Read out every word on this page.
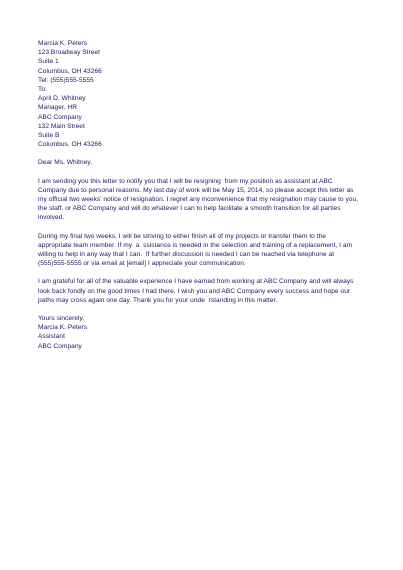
Marcia K. Peters
123 Broadway Street
Suite 1
Columbus, OH 43266
Tel: (555)555-5555
To:
April D. Whitney
Manager, HR
ABC Company
132 Main Street
Suite B
Columbus, OH 43266
Dear Ms. Whitney,
I am sending you this letter to notify you that I will be resigning  from my position as assistant at ABC
Company due to personal reasons. My last day of work will be May 15, 2014, so please accept this letter as
my official two weeks' notice of resignation. I regret any inconvenience that my resignation may cause to you,
the staff, or ABC Company and will do whatever I can to help facilitate a smooth transition for all parties
involved.
During my final two weeks, I will be striving to either finish all of my projects or transfer them to the
appropriate team member. If my  a  ssistance is needed in the selection and training of a replacement, I am
willing to help in any way that I can.  If further discussion is needed I can be reached via telephone at
(555)555-5555 or via email at [email] I appreciate your communication.
I am grateful for all of the valuable experience I have earned from working at ABC Company and will always
look back fondly on the good times I had there. I wish you and ABC Company every success and hope our
paths may cross again one day. Thank you for your unde  rstanding in this matter.
Yours sincerely,
Marcia K. Peters
Assistant
ABC Company
